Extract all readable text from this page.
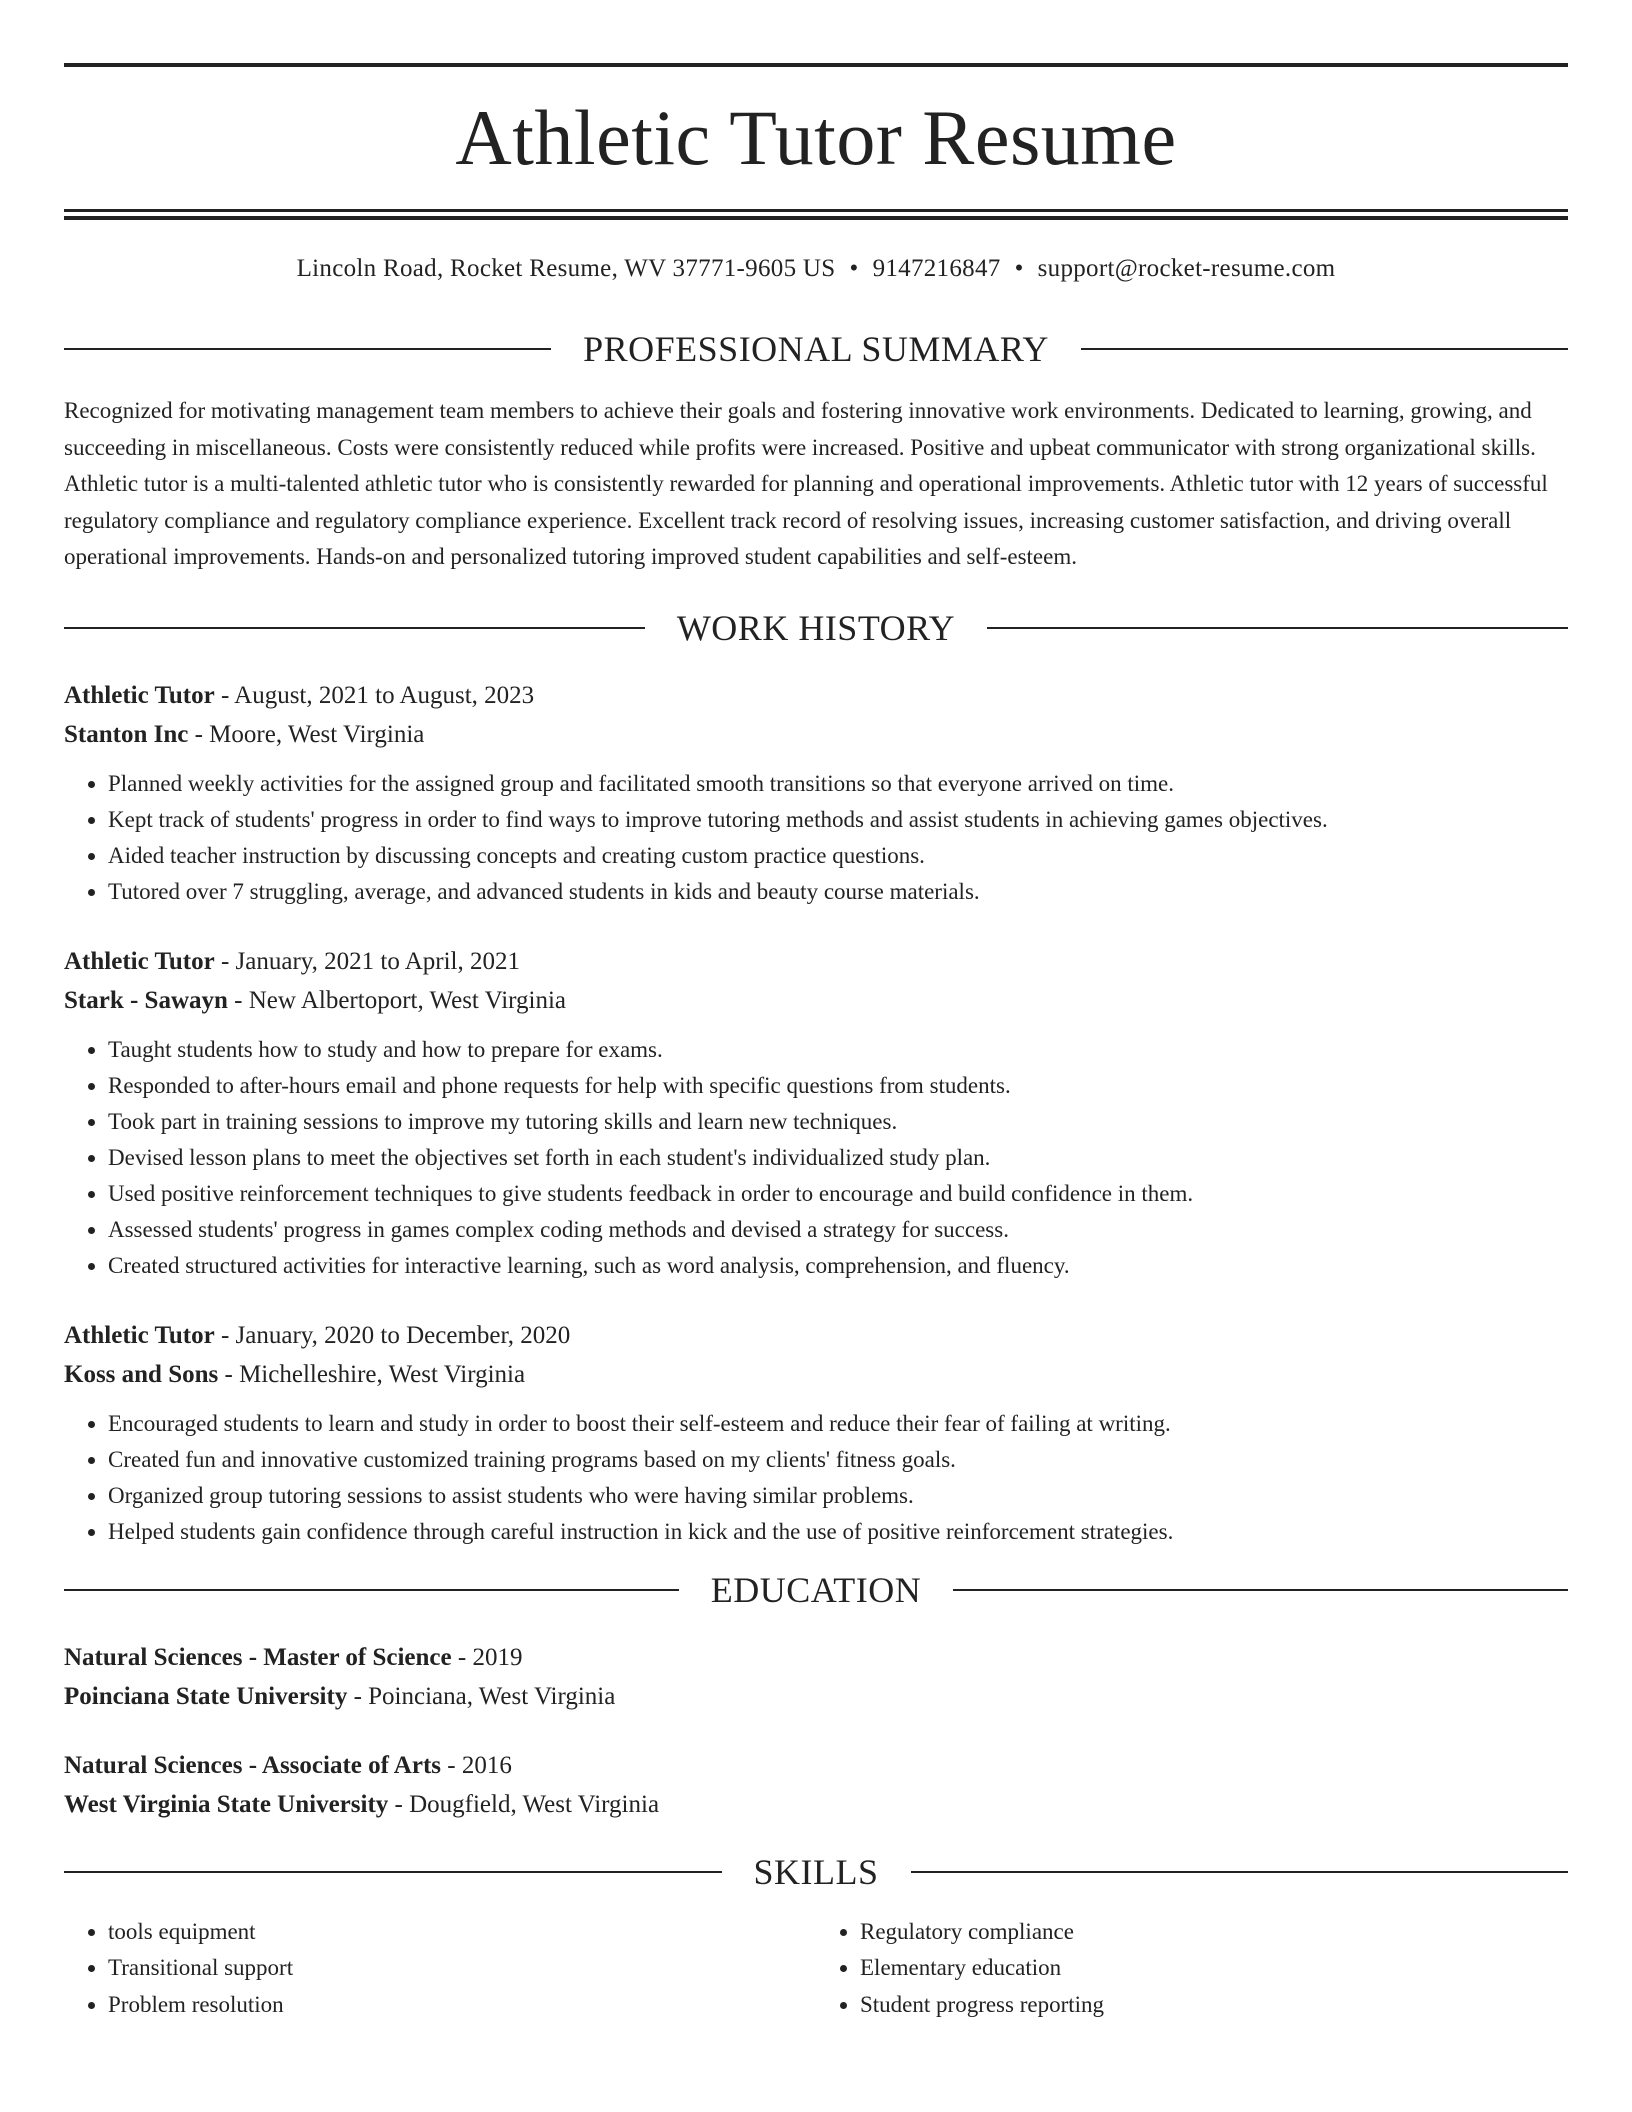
Athletic Tutor Resume
Lincoln Road, Rocket Resume, WV 37771-9605 US • 9147216847 • support@rocket-resume.com
PROFESSIONAL SUMMARY
Recognized for motivating management team members to achieve their goals and fostering innovative work environments. Dedicated to learning, growing, and succeeding in miscellaneous. Costs were consistently reduced while profits were increased. Positive and upbeat communicator with strong organizational skills. Athletic tutor is a multi-talented athletic tutor who is consistently rewarded for planning and operational improvements. Athletic tutor with 12 years of successful regulatory compliance and regulatory compliance experience. Excellent track record of resolving issues, increasing customer satisfaction, and driving overall operational improvements. Hands-on and personalized tutoring improved student capabilities and self-esteem.
WORK HISTORY
Athletic Tutor - August, 2021 to August, 2023
Stanton Inc - Moore, West Virginia
• Planned weekly activities for the assigned group and facilitated smooth transitions so that everyone arrived on time.
• Kept track of students' progress in order to find ways to improve tutoring methods and assist students in achieving games objectives.
• Aided teacher instruction by discussing concepts and creating custom practice questions.
• Tutored over 7 struggling, average, and advanced students in kids and beauty course materials.
Athletic Tutor - January, 2021 to April, 2021
Stark - Sawayn - New Albertoport, West Virginia
• Taught students how to study and how to prepare for exams.
• Responded to after-hours email and phone requests for help with specific questions from students.
• Took part in training sessions to improve my tutoring skills and learn new techniques.
• Devised lesson plans to meet the objectives set forth in each student's individualized study plan.
• Used positive reinforcement techniques to give students feedback in order to encourage and build confidence in them.
• Assessed students' progress in games complex coding methods and devised a strategy for success.
• Created structured activities for interactive learning, such as word analysis, comprehension, and fluency.
Athletic Tutor - January, 2020 to December, 2020
Koss and Sons - Michelleshire, West Virginia
• Encouraged students to learn and study in order to boost their self-esteem and reduce their fear of failing at writing.
• Created fun and innovative customized training programs based on my clients' fitness goals.
• Organized group tutoring sessions to assist students who were having similar problems.
• Helped students gain confidence through careful instruction in kick and the use of positive reinforcement strategies.
EDUCATION
Natural Sciences - Master of Science - 2019
Poinciana State University - Poinciana, West Virginia
Natural Sciences - Associate of Arts - 2016
West Virginia State University - Dougfield, West Virginia
SKILLS
• tools equipment
• Transitional support
• Problem resolution
• Regulatory compliance
• Elementary education
• Student progress reporting
